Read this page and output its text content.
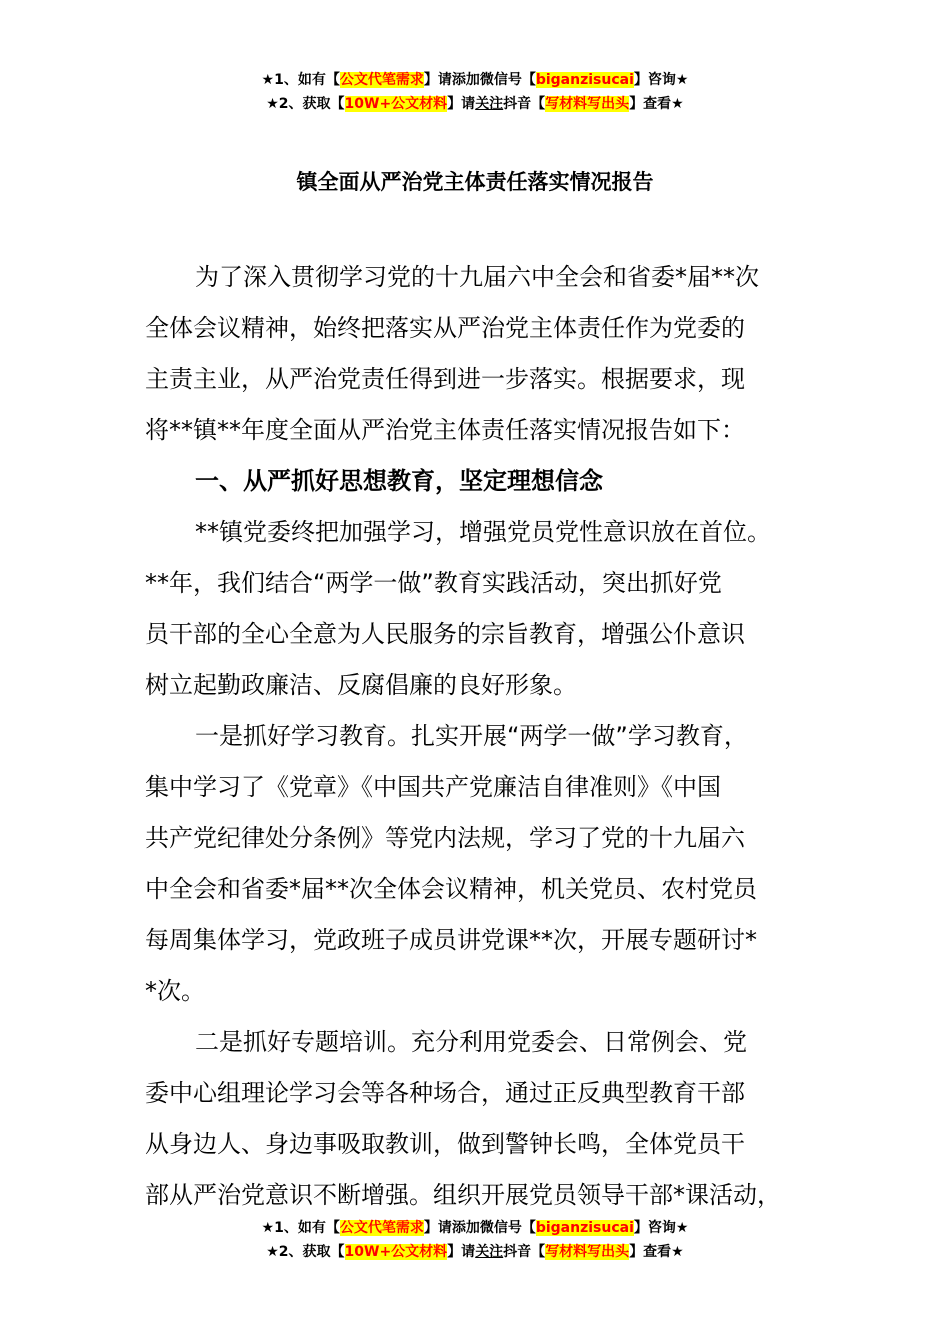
★1、如有【公文代笔需求】请添加微信号【biganzisucai】咨询★
★2、获取【10W+公文材料】请关注抖音【写材料写出头】查看★
镇全面从严治党主体责任落实情况报告
为了深入贯彻学习党的十九届六中全会和省委*届**次
全体会议精神，始终把落实从严治党主体责任作为党委的
主责主业，从严治党责任得到进一步落实。根据要求，现
将**镇**年度全面从严治党主体责任落实情况报告如下：
一、从严抓好思想教育，坚定理想信念
**镇党委终把加强学习，增强党员党性意识放在首位。
**年，我们结合“两学一做”教育实践活动，突出抓好党
员干部的全心全意为人民服务的宗旨教育，增强公仆意识
树立起勤政廉洁、反腐倡廉的良好形象。
一是抓好学习教育。扎实开展“两学一做”学习教育，
集中学习了《党章》《中国共产党廉洁自律准则》《中国
共产党纪律处分条例》等党内法规，学习了党的十九届六
中全会和省委*届**次全体会议精神，机关党员、农村党员
每周集体学习，党政班子成员讲党课**次，开展专题研讨*
*次。
二是抓好专题培训。充分利用党委会、日常例会、党
委中心组理论学习会等各种场合，通过正反典型教育干部
从身边人、身边事吸取教训，做到警钟长鸣，全体党员干
部从严治党意识不断增强。组织开展党员领导干部*课活动，
★1、如有【公文代笔需求】请添加微信号【biganzisucai】咨询★
★2、获取【10W+公文材料】请关注抖音【写材料写出头】查看★
